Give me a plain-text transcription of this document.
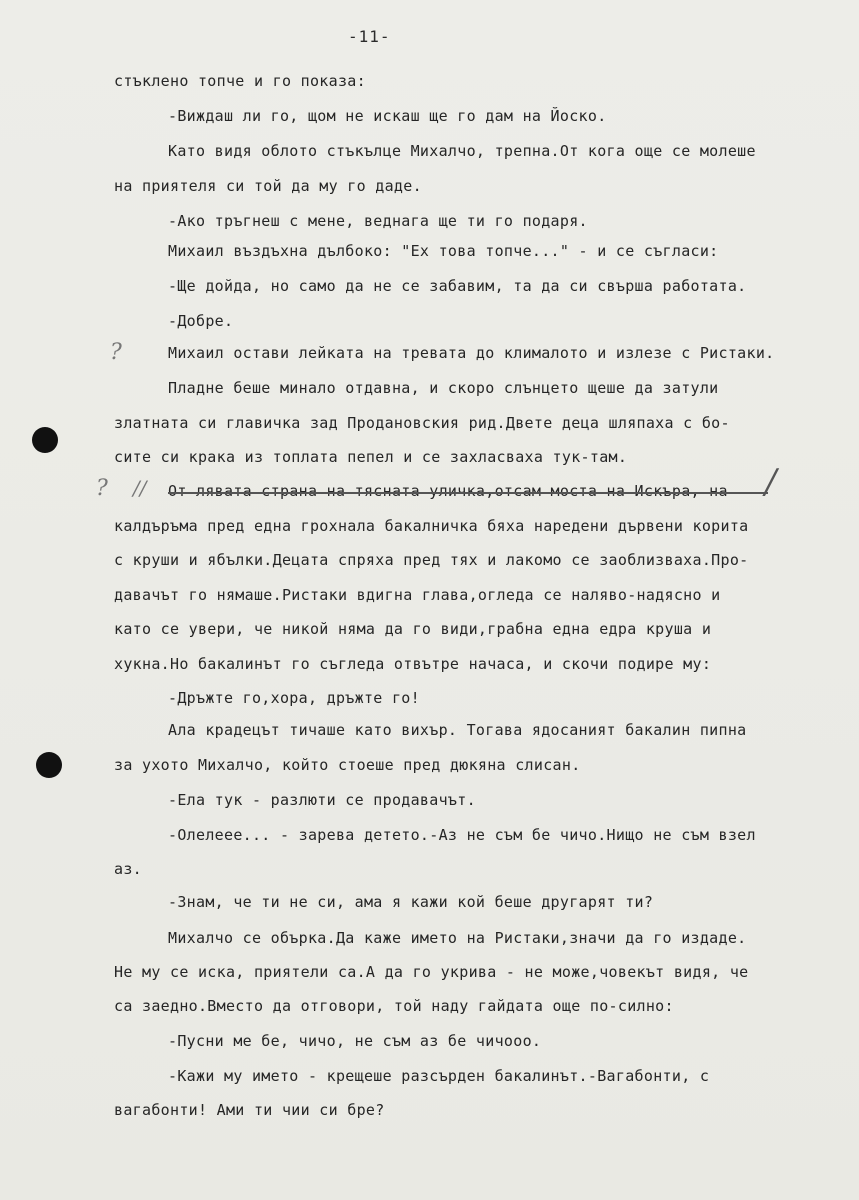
-11-
?
? //	/
стъклено топче и го показа:
-Виждаш ли го, щом не искаш ще го дам на Йоско.
Като видя облото стъкълце Михалчо, трепна.От кога още се молеше
на приятеля си той да му го даде.
-Ако тръгнеш с мене, веднага ще ти го подаря.
Михаил въздъхна дълбоко: "Ех това топче..." - и се съгласи:
-Ще дойда, но само да не се забавим, та да си свърша работата.
-Добре.
Михаил остави лейката на тревата до клималото и излезе с Ристаки.
Пладне беше минало отдавна, и скоро слънцето щеше да затули
златната си главичка зад Продановския рид.Двете деца шляпаха с бо-
сите си крака из топлата пепел и се захласваха тук-там.
От лявата страна на тясната уличка,отсам моста на Искъра, на
калдъръма пред една грохнала бакалничка бяха наредени дървени корита
с круши и ябълки.Децата спряха пред тях и лакомо се заоблизваха.Про-
давачът го нямаше.Ристаки вдигна глава,огледа се наляво-надясно и
като се увери, че никой няма да го види,грабна една едра круша и
хукна.Но бакалинът го съгледа отвътре начаса, и скочи подире му:
-Дръжте го,хора, дръжте го!
Ала крадецът тичаше като вихър. Тогава ядосаният бакалин пипна
за ухото Михалчо, който стоеше пред дюкяна слисан.
-Ела тук - разлюти се продавачът.
-Олелеее... - зарева детето.-Аз не съм бе чичо.Нищо не съм взел
аз.
-Знам, че ти не си, ама я кажи кой беше другарят ти?
Михалчо се обърка.Да каже името на Ристаки,значи да го издаде.
Не му се иска, приятели са.А да го укрива - не може,човекът видя, че
са заедно.Вместо да отговори, той наду гайдата още по-силно:
-Пусни ме бе, чичо, не съм аз бе чичооо.
-Кажи му името - крещеше разсърден бакалинът.-Вагабонти, с
вагабонти! Ами ти чии си бре?
